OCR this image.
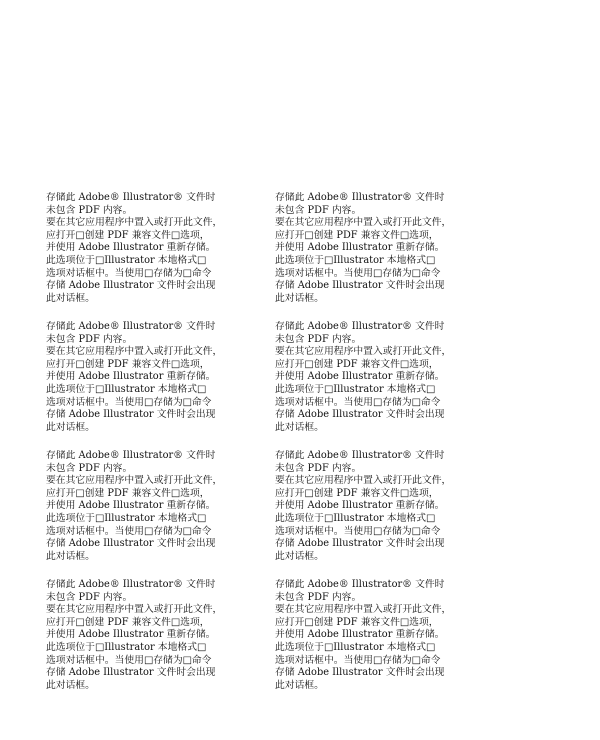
存储此 Adobe® Illustrator® 文件时
未包含 PDF 内容。
要在其它应用程序中置入或打开此文件，
应打开□创建 PDF 兼容文件□选项，
并使用 Adobe Illustrator 重新存储。
此选项位于□Illustrator 本地格式□
选项对话框中。当使用□存储为□命令
存储 Adobe Illustrator 文件时会出现
此对话框。
存储此 Adobe® Illustrator® 文件时
未包含 PDF 内容。
要在其它应用程序中置入或打开此文件，
应打开□创建 PDF 兼容文件□选项，
并使用 Adobe Illustrator 重新存储。
此选项位于□Illustrator 本地格式□
选项对话框中。当使用□存储为□命令
存储 Adobe Illustrator 文件时会出现
此对话框。
存储此 Adobe® Illustrator® 文件时
未包含 PDF 内容。
要在其它应用程序中置入或打开此文件，
应打开□创建 PDF 兼容文件□选项，
并使用 Adobe Illustrator 重新存储。
此选项位于□Illustrator 本地格式□
选项对话框中。当使用□存储为□命令
存储 Adobe Illustrator 文件时会出现
此对话框。
存储此 Adobe® Illustrator® 文件时
未包含 PDF 内容。
要在其它应用程序中置入或打开此文件，
应打开□创建 PDF 兼容文件□选项，
并使用 Adobe Illustrator 重新存储。
此选项位于□Illustrator 本地格式□
选项对话框中。当使用□存储为□命令
存储 Adobe Illustrator 文件时会出现
此对话框。
存储此 Adobe® Illustrator® 文件时
未包含 PDF 内容。
要在其它应用程序中置入或打开此文件，
应打开□创建 PDF 兼容文件□选项，
并使用 Adobe Illustrator 重新存储。
此选项位于□Illustrator 本地格式□
选项对话框中。当使用□存储为□命令
存储 Adobe Illustrator 文件时会出现
此对话框。
存储此 Adobe® Illustrator® 文件时
未包含 PDF 内容。
要在其它应用程序中置入或打开此文件，
应打开□创建 PDF 兼容文件□选项，
并使用 Adobe Illustrator 重新存储。
此选项位于□Illustrator 本地格式□
选项对话框中。当使用□存储为□命令
存储 Adobe Illustrator 文件时会出现
此对话框。
存储此 Adobe® Illustrator® 文件时
未包含 PDF 内容。
要在其它应用程序中置入或打开此文件，
应打开□创建 PDF 兼容文件□选项，
并使用 Adobe Illustrator 重新存储。
此选项位于□Illustrator 本地格式□
选项对话框中。当使用□存储为□命令
存储 Adobe Illustrator 文件时会出现
此对话框。
存储此 Adobe® Illustrator® 文件时
未包含 PDF 内容。
要在其它应用程序中置入或打开此文件，
应打开□创建 PDF 兼容文件□选项，
并使用 Adobe Illustrator 重新存储。
此选项位于□Illustrator 本地格式□
选项对话框中。当使用□存储为□命令
存储 Adobe Illustrator 文件时会出现
此对话框。
